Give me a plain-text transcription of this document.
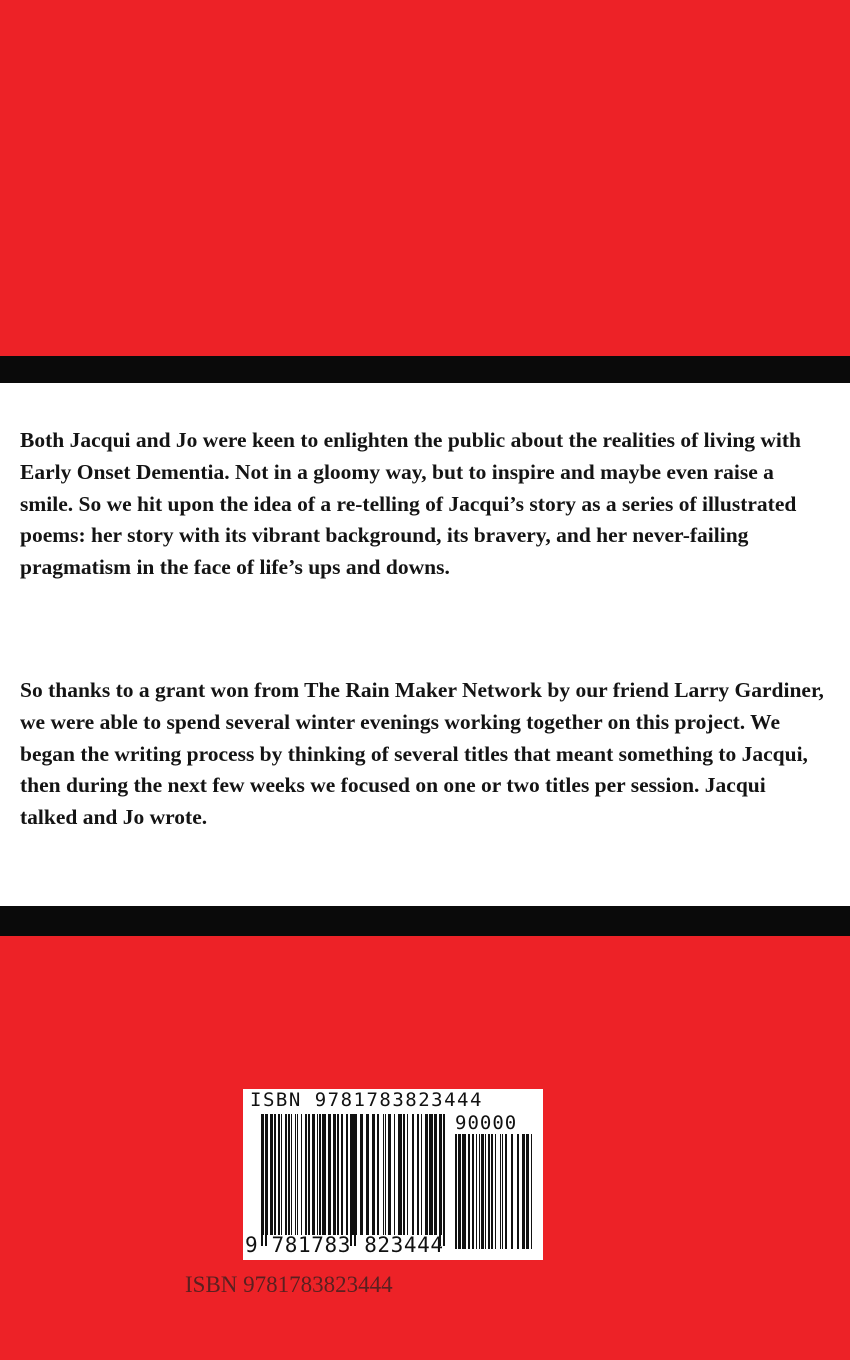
Both Jacqui and Jo were keen to enlighten the public about the realities of living with Early Onset Dementia. Not in a gloomy way, but to inspire and maybe even raise a smile. So we hit upon the idea of a re-telling of Jacqui’s story as a series of illustrated poems: her story with its vibrant background, its bravery, and her never-failing pragmatism in the face of life’s ups and downs.

So thanks to a grant won from The Rain Maker Network by our friend Larry Gardiner, we were able to spend several winter evenings working together on this project. We began the writing process by thinking of several titles that meant something to Jacqui, then during the next few weeks we focused on one or two titles per session. Jacqui talked and Jo wrote.

ISBN 9781783823444
90000
9 781783 823444
ISBN 9781783823444
